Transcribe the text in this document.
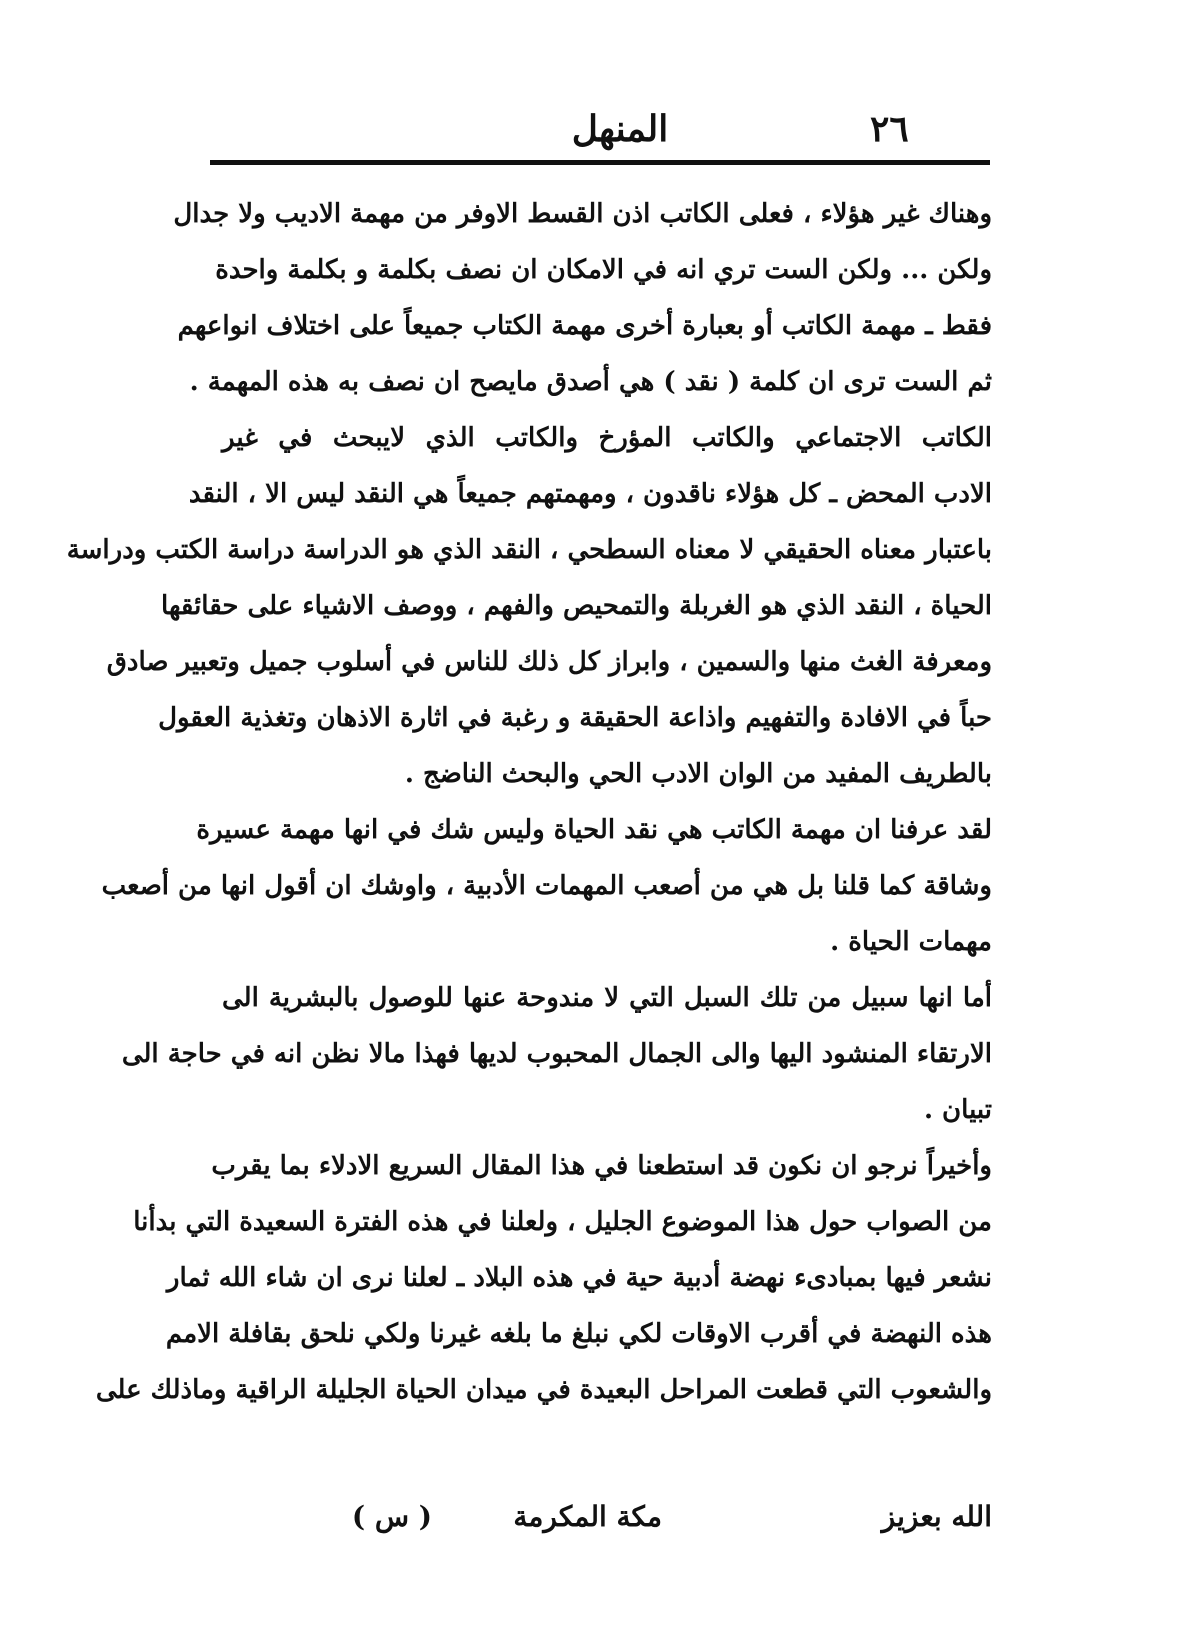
٢٦
المنهل

وهناك غير هؤلاء ، فعلى الكاتب اذن القسط الاوفر من مهمة الاديب ولا جدال
ولكن ... ولكن الست تري انه في الامكان ان نصف بكلمة و بكلمة واحدة
فقط ـ مهمة الكاتب أو بعبارة أخرى مهمة الكتاب جميعاً على اختلاف انواعهم
ثم الست ترى ان كلمة ( نقد ) هي أصدق مايصح ان نصف به هذه المهمة .

الكاتب الاجتماعي والكاتب المؤرخ والكاتب الذي لايبحث في غير
الادب المحض ـ كل هؤلاء ناقدون ، ومهمتهم جميعاً هي النقد ليس الا ، النقد
باعتبار معناه الحقيقي لا معناه السطحي ، النقد الذي هو الدراسة دراسة الكتب ودراسة
الحياة ، النقد الذي هو الغربلة والتمحيص والفهم ، ووصف الاشياء على حقائقها
ومعرفة الغث منها والسمين ، وابراز كل ذلك للناس في أسلوب جميل وتعبير صادق
حباً في الافادة والتفهيم واذاعة الحقيقة و رغبة في اثارة الاذهان وتغذية العقول
بالطريف المفيد من الوان الادب الحي والبحث الناضج .

لقد عرفنا ان مهمة الكاتب هي نقد الحياة وليس شك في انها مهمة عسيرة
وشاقة كما قلنا بل هي من أصعب المهمات الأدبية ، واوشك ان أقول انها من أصعب
مهمات الحياة .

أما انها سبيل من تلك السبل التي لا مندوحة عنها للوصول بالبشرية الى
الارتقاء المنشود اليها والى الجمال المحبوب لديها فهذا مالا نظن انه في حاجة الى
تبيان .

وأخيراً نرجو ان نكون قد استطعنا في هذا المقال السريع الادلاء بما يقرب
من الصواب حول هذا الموضوع الجليل ، ولعلنا في هذه الفترة السعيدة التي بدأنا
نشعر فيها بمبادىء نهضة أدبية حية في هذه البلاد ـ لعلنا نرى ان شاء الله ثمار
هذه النهضة في أقرب الاوقات لكي نبلغ ما بلغه غيرنا ولكي نلحق بقافلة الامم
والشعوب التي قطعت المراحل البعيدة في ميدان الحياة الجليلة الراقية وماذلك على

الله بعزيز
مكة المكرمة
( س )
